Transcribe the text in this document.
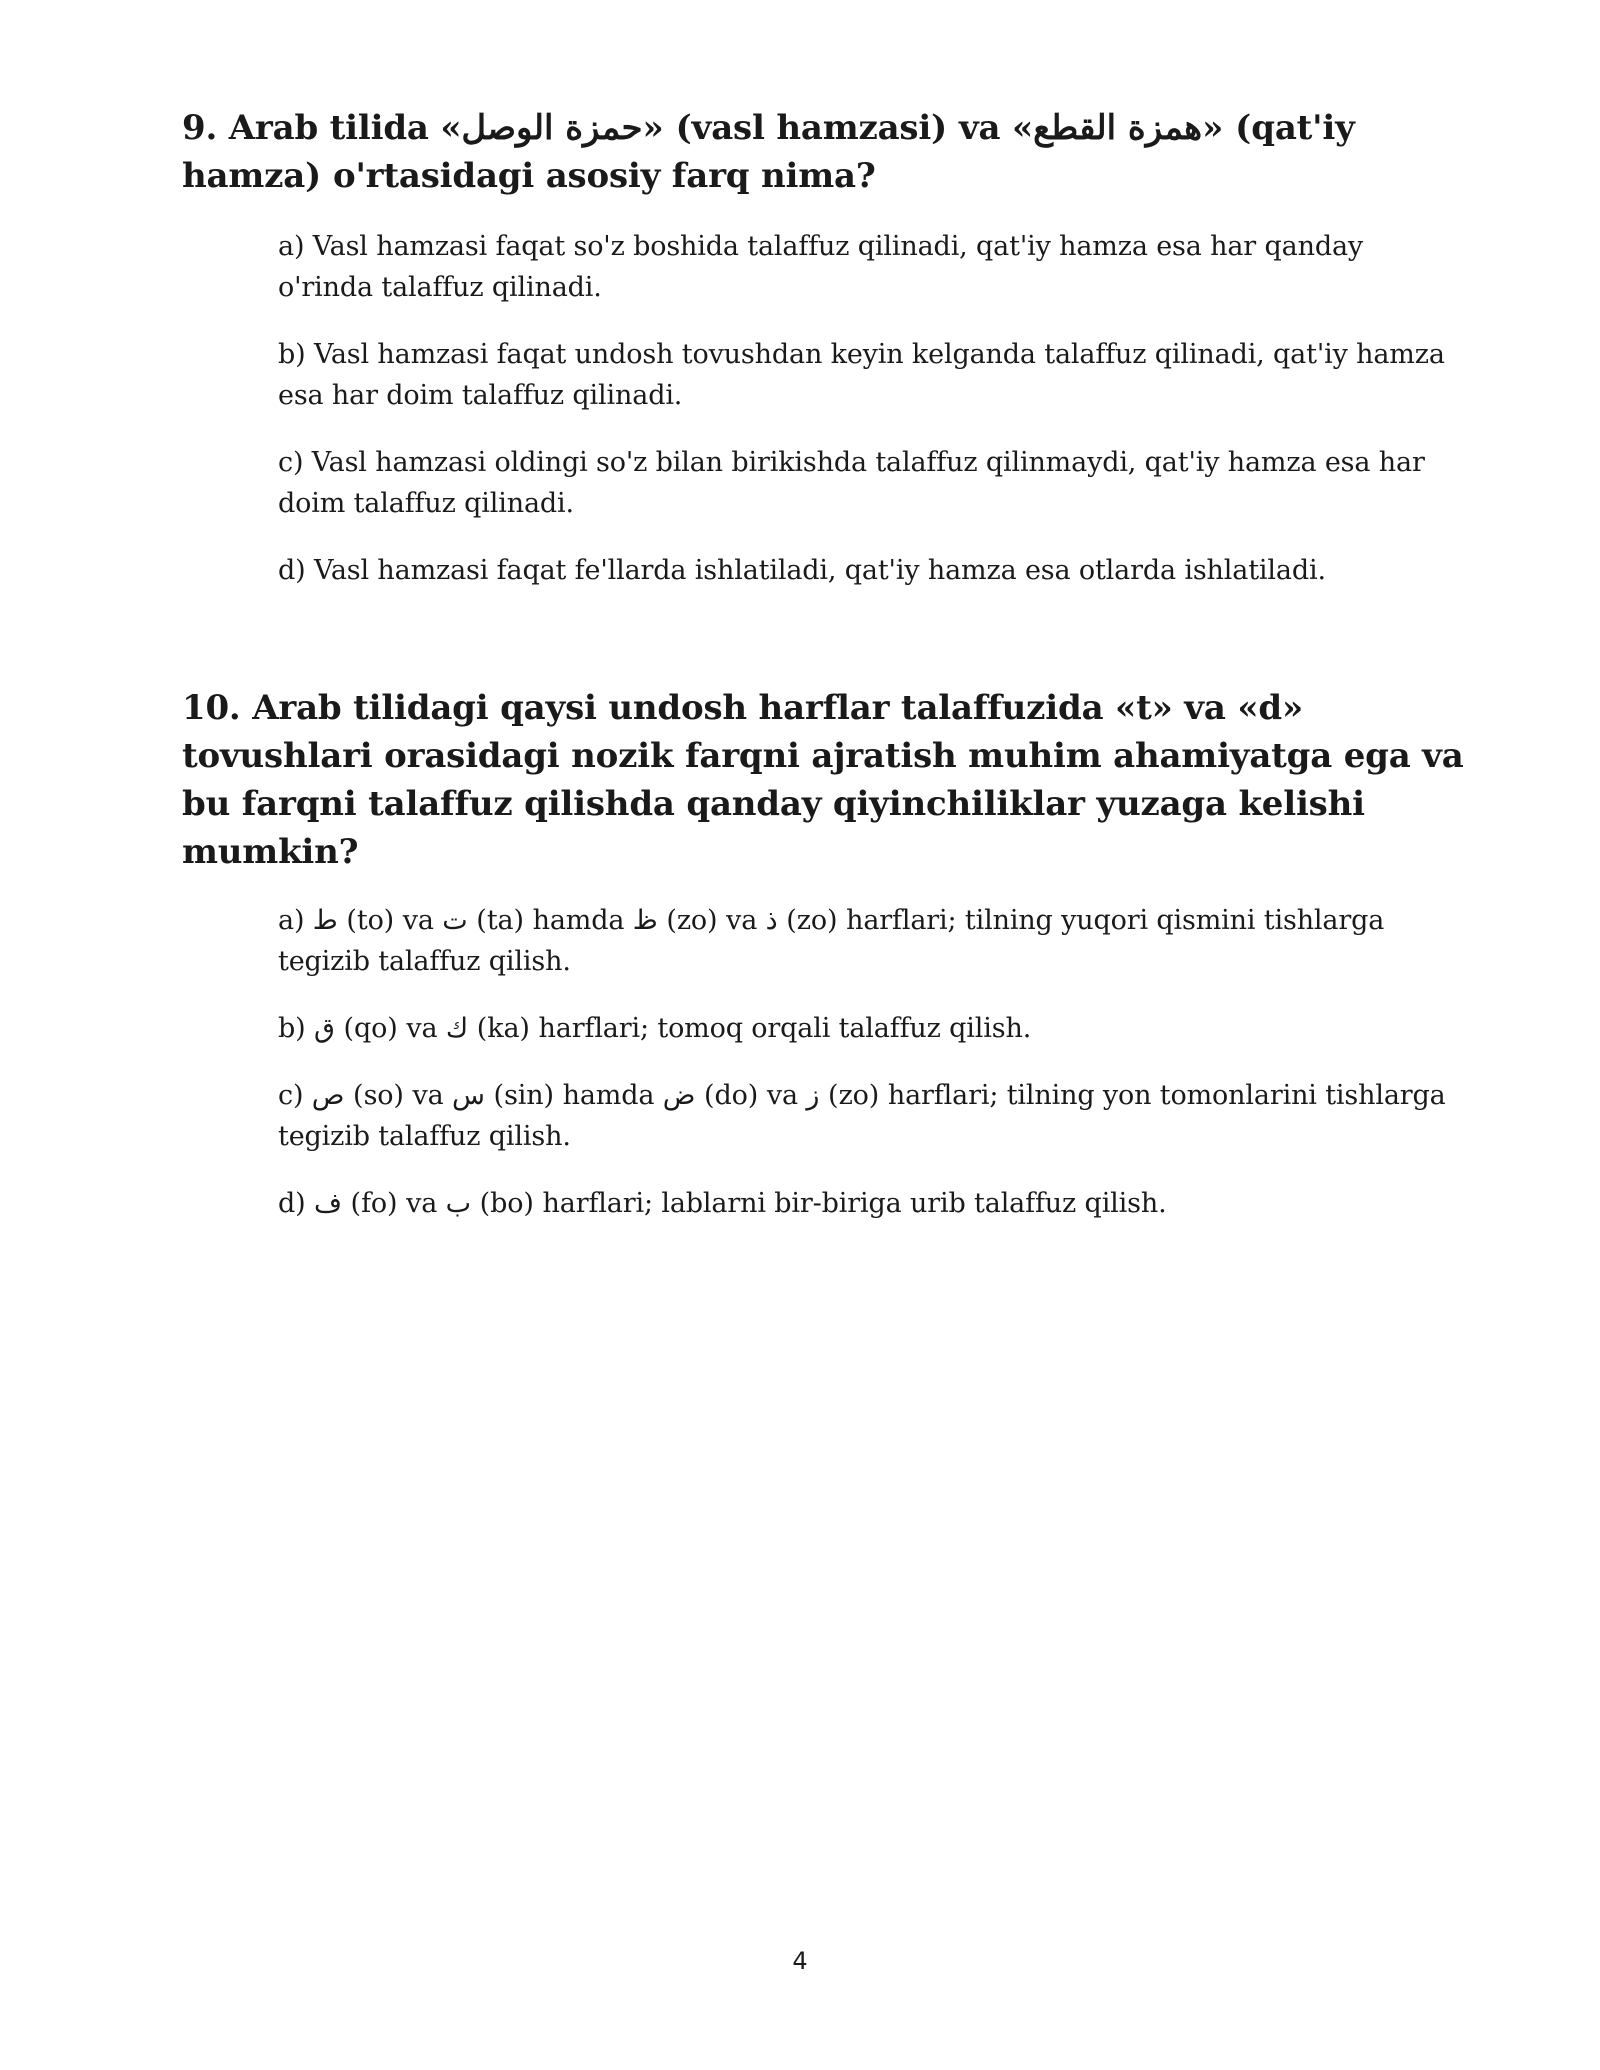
9. Arab tilida «حمزة الوصل» (vasl hamzasi) va «همزة القطع» (qat'iy hamza) o'rtasidagi asosiy farq nima?
a) Vasl hamzasi faqat so'z boshida talaffuz qilinadi, qat'iy hamza esa har qanday o'rinda talaffuz qilinadi.
b) Vasl hamzasi faqat undosh tovushdan keyin kelganda talaffuz qilinadi, qat'iy hamza esa har doim talaffuz qilinadi.
c) Vasl hamzasi oldingi so'z bilan birikishda talaffuz qilinmaydi, qat'iy hamza esa har doim talaffuz qilinadi.
d) Vasl hamzasi faqat fe'llarda ishlatiladi, qat'iy hamza esa otlarda ishlatiladi.
10. Arab tilidagi qaysi undosh harflar talaffuzida «t» va «d» tovushlari orasidagi nozik farqni ajratish muhim ahamiyatga ega va bu farqni talaffuz qilishda qanday qiyinchiliklar yuzaga kelishi mumkin?
a) ط (to) va ت (ta) hamda ظ (zo) va ذ (zo) harflari; tilning yuqori qismini tishlarga tegizib talaffuz qilish.
b) ق (qo) va ك (ka) harflari; tomoq orqali talaffuz qilish.
c) ص (so) va س (sin) hamda ض (do) va ز (zo) harflari; tilning yon tomonlarini tishlarga tegizib talaffuz qilish.
d) ف (fo) va ب (bo) harflari; lablarni bir-biriga urib talaffuz qilish.
4
